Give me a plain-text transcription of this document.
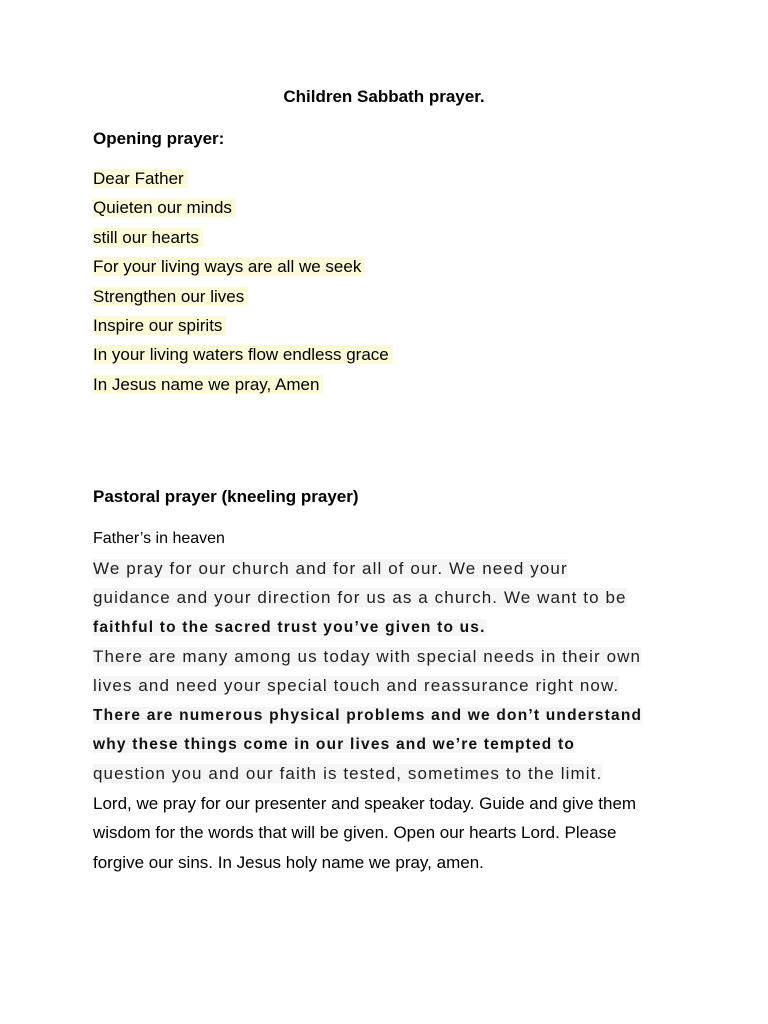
Children Sabbath prayer.

Opening prayer:

Dear Father
Quieten our minds
still our hearts
For your living ways are all we seek
Strengthen our lives
Inspire our spirits
In your living waters flow endless grace
In Jesus name we pray, Amen

Pastoral prayer (kneeling prayer)

Father’s in heaven

We pray for our church and for all of our. We need your
guidance and your direction for us as a church. We want to be
faithful to the sacred trust you’ve given to us.
There are many among us today with special needs in their own
lives and need your special touch and reassurance right now.
There are numerous physical problems and we don’t understand
why these things come in our lives and we’re tempted to
question you and our faith is tested, sometimes to the limit.
Lord, we pray for our presenter and speaker today. Guide and give them
wisdom for the words that will be given. Open our hearts Lord. Please
forgive our sins. In Jesus holy name we pray, amen.
